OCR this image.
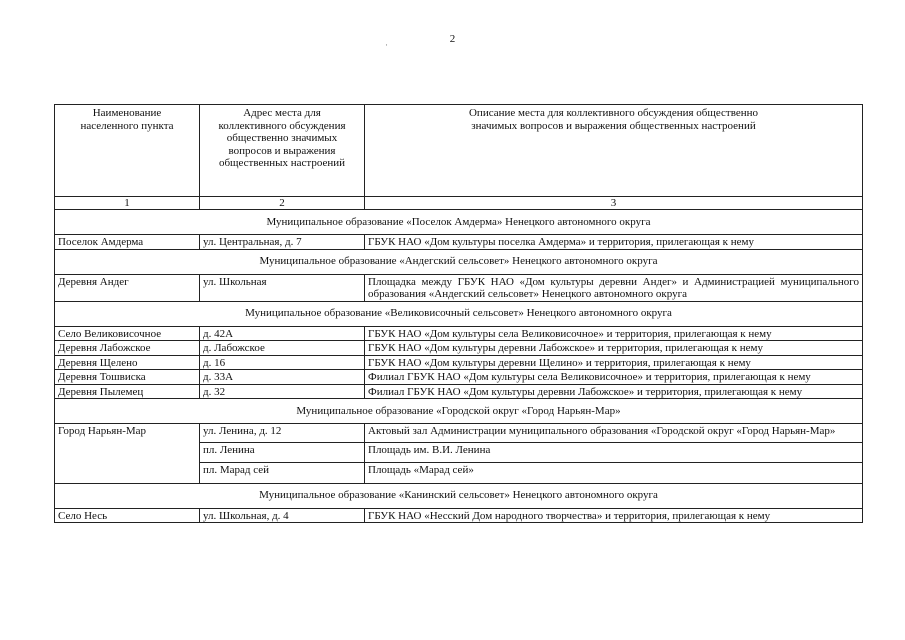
2
·
Наименование населенного пункта	Адрес места для коллективного обсуждения общественно значимых вопросов и выражения общественных настроений	Описание места для коллективного обсуждения общественно значимых вопросов и выражения общественных настроений
1	2	3
Муниципальное образование «Поселок Амдерма» Ненецкого автономного округа		
Поселок Амдерма	ул. Центральная, д. 7	ГБУК НАО «Дом культуры поселка Амдерма» и территория, прилегающая к нему
Муниципальное образование «Андегский сельсовет» Ненецкого автономного округа		
Деревня Андег	ул. Школьная	Площадка между ГБУК НАО «Дом культуры деревни Андег» и Администрацией муниципального образования «Андегский сельсовет» Ненецкого автономного округа
Муниципальное образование «Великовисочный сельсовет» Ненецкого автономного округа		
Село Великовисочное	д. 42А	ГБУК НАО «Дом культуры села Великовисочное» и территория, прилегающая к нему
Деревня Лабожское	д. Лабожское	ГБУК НАО «Дом культуры деревни Лабожское» и территория, прилегающая к нему
Деревня Щелено	д. 16	ГБУК НАО «Дом культуры деревни Щелино» и территория, прилегающая к нему
Деревня Тошвиска	д. 33А	Филиал ГБУК НАО «Дом культуры села Великовисочное» и территория, прилегающая к нему
Деревня Пылемец	д. 32	Филиал ГБУК НАО «Дом культуры деревни Лабожское» и территория, прилегающая к нему
Муниципальное образование «Городской округ «Город Нарьян-Мар»		
Город Нарьян-Мар	ул. Ленина, д. 12	Актовый зал Администрации муниципального образования «Городской округ «Город Нарьян-Мар»
	пл. Ленина	Площадь им. В.И. Ленина
	пл. Марад сей	Площадь «Марад сей»
Муниципальное образование «Канинский сельсовет» Ненецкого автономного округа		
Село Несь	ул. Школьная, д. 4	ГБУК НАО «Несский Дом народного творчества» и территория, прилегающая к нему
